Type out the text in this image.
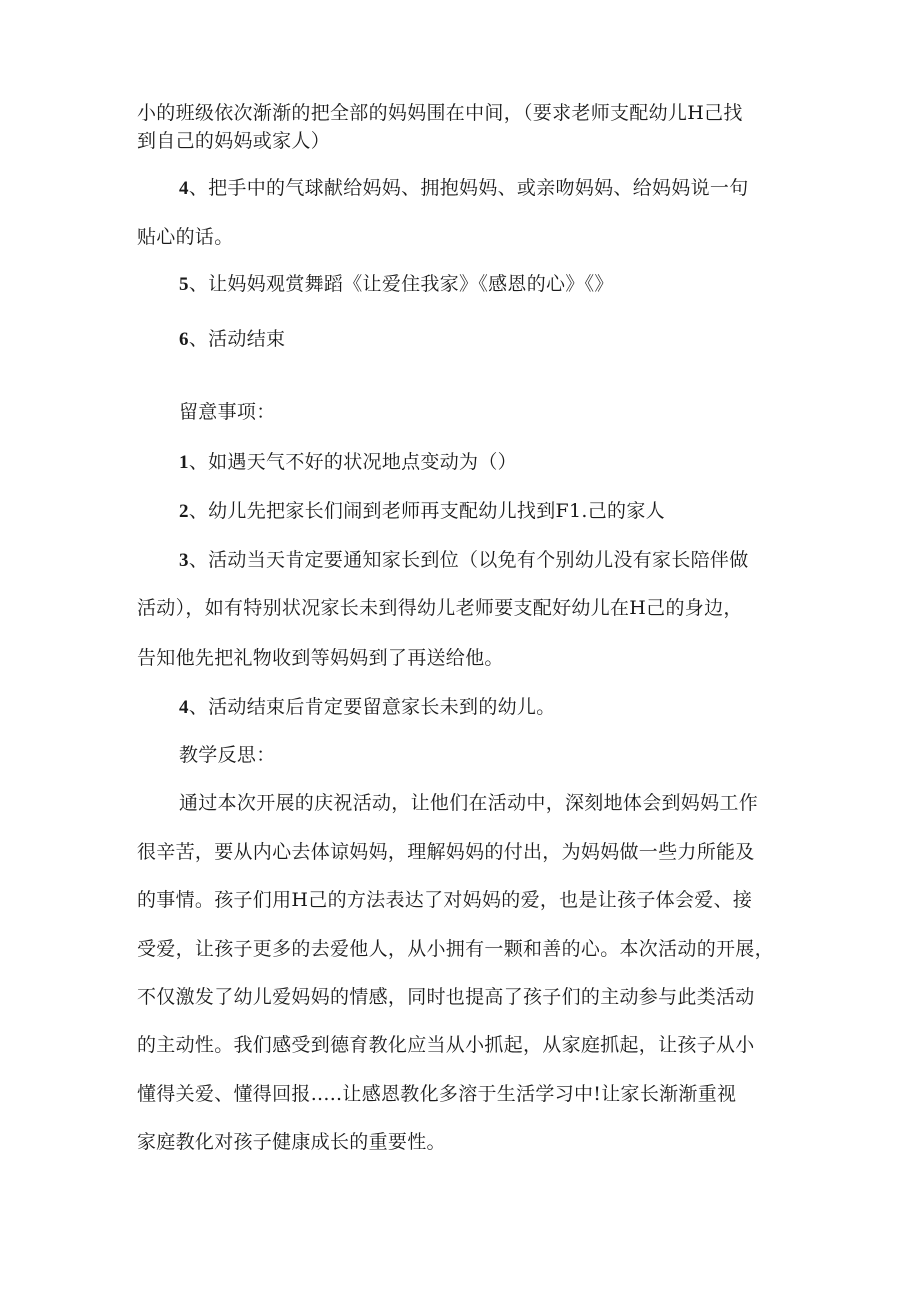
小的班级依次渐渐的把全部的妈妈围在中间，（要求老师支配幼儿H己找
到自己的妈妈或家人）
4、把手中的气球献给妈妈、拥抱妈妈、或亲吻妈妈、给妈妈说一句
贴心的话。
5、让妈妈观赏舞蹈《让爱住我家》《感恩的心》《》
6、活动结束
留意事项：
1、如遇天气不好的状况地点变动为（）
2、幼儿先把家长们闹到老师再支配幼儿找到F1.己的家人
3、活动当天肯定要通知家长到位（以免有个别幼儿没有家长陪伴做
活动），如有特别状况家长未到得幼儿老师要支配好幼儿在H己的身边，
告知他先把礼物收到等妈妈到了再送给他。
4、活动结束后肯定要留意家长未到的幼儿。
教学反思：
通过本次开展的庆祝活动，让他们在活动中，深刻地体会到妈妈工作
很辛苦，要从内心去体谅妈妈，理解妈妈的付出，为妈妈做一些力所能及
的事情。孩子们用H己的方法表达了对妈妈的爱，也是让孩子体会爱、接
受爱，让孩子更多的去爱他人，从小拥有一颗和善的心。本次活动的开展，
不仅激发了幼儿爱妈妈的情感，同时也提高了孩子们的主动参与此类活动
的主动性。我们感受到德育教化应当从小抓起，从家庭抓起，让孩子从小
懂得关爱、懂得回报.....让感恩教化多溶于生活学习中!让家长渐渐重视
家庭教化对孩子健康成长的重要性。
